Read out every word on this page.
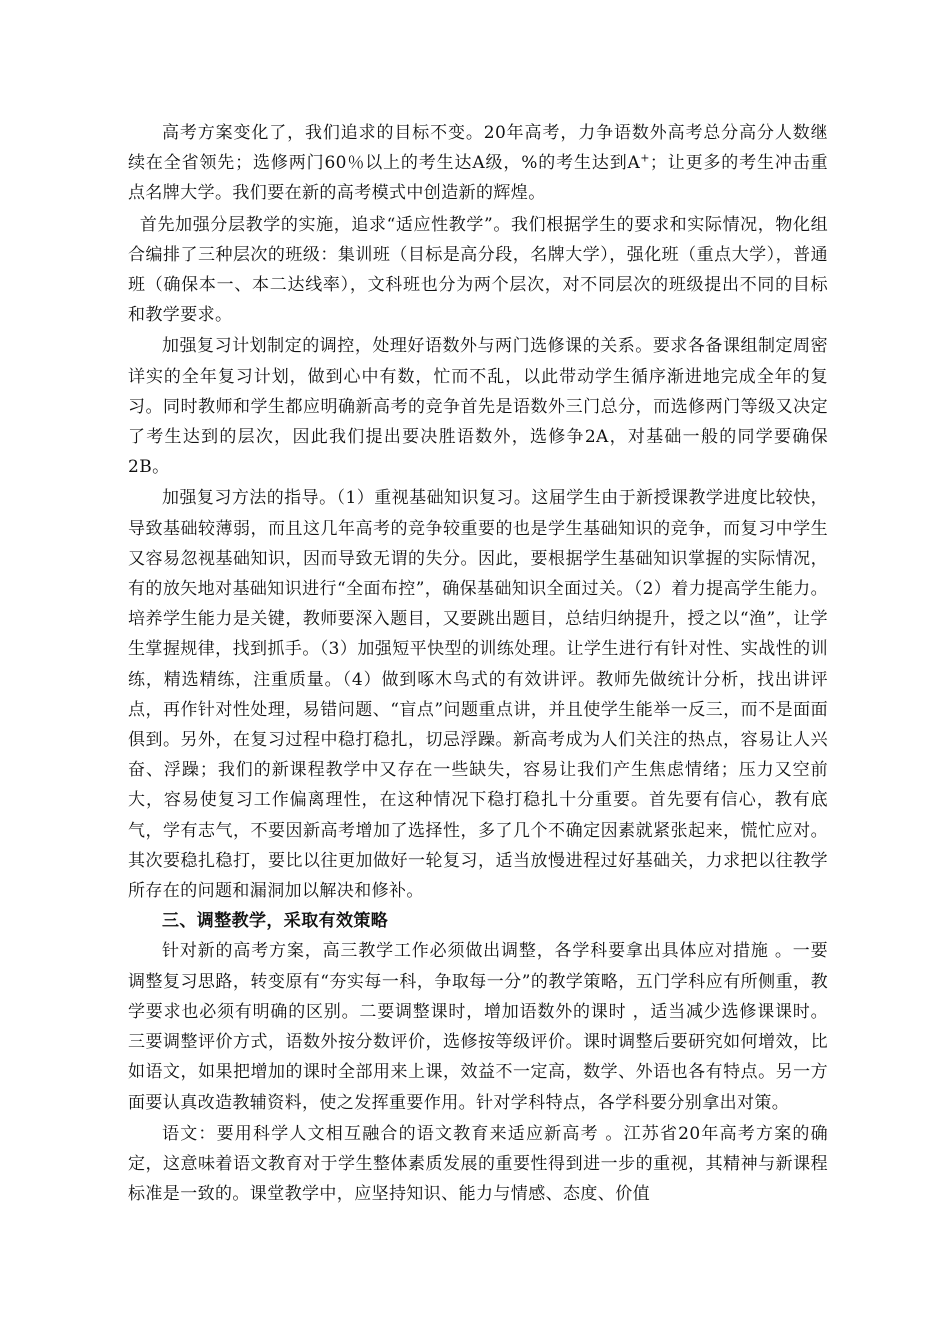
高考方案变化了，我们追求的目标不变。20年高考，力争语数外高考总分高分人数继续在全省领先；选修两门60％以上的考生达A级，%的考生达到A+；让更多的考生冲击重点名牌大学。我们要在新的高考模式中创造新的辉煌。

首先加强分层教学的实施，追求“适应性教学”。我们根据学生的要求和实际情况，物化组合编排了三种层次的班级：集训班（目标是高分段，名牌大学），强化班（重点大学），普通班（确保本一、本二达线率），文科班也分为两个层次，对不同层次的班级提出不同的目标和教学要求。

加强复习计划制定的调控，处理好语数外与两门选修课的关系。要求各备课组制定周密详实的全年复习计划，做到心中有数，忙而不乱，以此带动学生循序渐进地完成全年的复习。同时教师和学生都应明确新高考的竞争首先是语数外三门总分，而选修两门等级又决定了考生达到的层次，因此我们提出要决胜语数外，选修争2A，对基础一般的同学要确保2B。

加强复习方法的指导。（1）重视基础知识复习。这届学生由于新授课教学进度比较快，导致基础较薄弱，而且这几年高考的竞争较重要的也是学生基础知识的竞争，而复习中学生又容易忽视基础知识，因而导致无谓的失分。因此，要根据学生基础知识掌握的实际情况，有的放矢地对基础知识进行“全面布控”，确保基础知识全面过关。（2）着力提高学生能力。培养学生能力是关键，教师要深入题目，又要跳出题目，总结归纳提升，授之以“渔”，让学生掌握规律，找到抓手。（3）加强短平快型的训练处理。让学生进行有针对性、实战性的训练，精选精练，注重质量。（4）做到啄木鸟式的有效讲评。教师先做统计分析，找出讲评点，再作针对性处理，易错问题、“盲点”问题重点讲，并且使学生能举一反三，而不是面面俱到。另外，在复习过程中稳打稳扎，切忌浮躁。新高考成为人们关注的热点，容易让人兴奋、浮躁；我们的新课程教学中又存在一些缺失，容易让我们产生焦虑情绪；压力又空前大，容易使复习工作偏离理性，在这种情况下稳打稳扎十分重要。首先要有信心，教有底气，学有志气，不要因新高考增加了选择性，多了几个不确定因素就紧张起来，慌忙应对。其次要稳扎稳打，要比以往更加做好一轮复习，适当放慢进程过好基础关，力求把以往教学所存在的问题和漏洞加以解决和修补。

三、调整教学，采取有效策略

针对新的高考方案，高三教学工作必须做出调整，各学科要拿出具体应对措施 。一要调整复习思路，转变原有“夯实每一科，争取每一分”的教学策略，五门学科应有所侧重，教学要求也必须有明确的区别。二要调整课时，增加语数外的课时 ，适当减少选修课课时。三要调整评价方式，语数外按分数评价，选修按等级评价。课时调整后要研究如何增效，比如语文，如果把增加的课时全部用来上课，效益不一定高，数学、外语也各有特点。另一方面要认真改造教辅资料，使之发挥重要作用。针对学科特点，各学科要分别拿出对策。

语文：要用科学人文相互融合的语文教育来适应新高考 。江苏省20年高考方案的确定，这意味着语文教育对于学生整体素质发展的重要性得到进一步的重视，其精神与新课程标准是一致的。课堂教学中，应坚持知识、能力与情感、态度、价值
